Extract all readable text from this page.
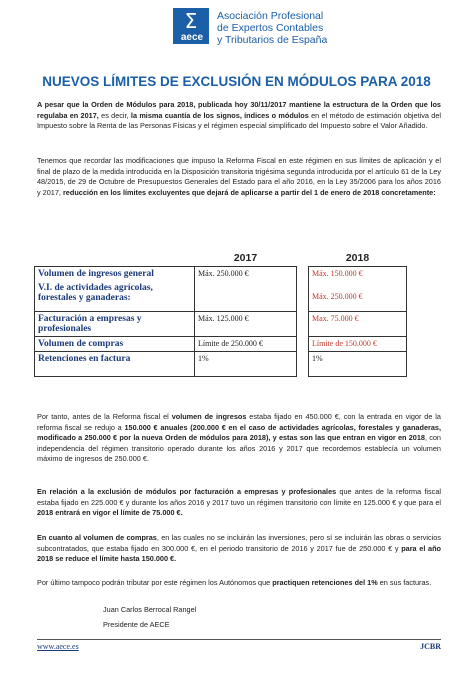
Σ
aece
Asociación Profesional
de Expertos Contables
y Tributarios de España
NUEVOS LÍMITES DE EXCLUSIÓN EN MÓDULOS PARA 2018
A pesar que la Orden de Módulos para 2018, publicada hoy 30/11/2017 mantiene la estructura de la Orden que los regulaba en 2017, es decir, la misma cuantía de los signos, índices o módulos en el método de estimación objetiva del Impuesto sobre la Renta de las Personas Físicas y el régimen especial simplificado del Impuesto sobre el Valor Añadido.
Tenemos que recordar las modificaciones que impuso la Reforma Fiscal en este régimen en sus límites de aplicación y el final de plazo de la medida introducida en la Disposición transitoria trigésima segunda introducida por el artículo 61 de la Ley 48/2015, de 29 de Octubre de Presupuestos Generales del Estado para el año 2016, en la Ley 35/2006 para los años 2016 y 2017, reducción en los límites excluyentes que dejará de aplicarse a partir del 1 de enero de 2018 concretamente:
	2017		2018
Volumen de ingresos general	Máx. 250.000 €		Máx. 150.000 €
V.I. de actividades agrícolas, forestales y ganaderas:			Máx. 250.000 €
Facturación a empresas y profesionales	Máx. 125.000 €		Max. 75.000 €
Volumen de compras	Límite de 250.000 €		Límite de 150.000 €
Retenciones en factura	1%		1%
Por tanto, antes de la Reforma fiscal el volumen de ingresos estaba fijado en 450.000 €, con la entrada en vigor de la reforma fiscal se redujo a 150.000 € anuales (200.000 € en el caso de actividades agrícolas, forestales y ganaderas, modificado a 250.000 € por la nueva Orden de módulos para 2018), y estas son las que entran en vigor en 2018, con independencia del régimen transitorio operado durante los años 2016 y 2017 que recordemos establecía un volumen máximo de ingresos de 250.000 €.
En relación a la exclusión de módulos por facturación a empresas y profesionales que antes de la reforma fiscal estaba fijado en 225.000 € y durante los años 2016 y 2017 tuvo un régimen transitorio con límite en 125.000 € y que para el 2018 entrará en vigor el límite de 75.000 €.
En cuanto al volumen de compras, en las cuales no se incluirán las inversiones, pero sí se incluirán las obras o servicios subcontratados, que estaba fijado en 300.000 €, en el periodo transitorio de 2016 y 2017 fue de 250.000 € y para el año 2018 se reduce el límite hasta 150.000 €.
Por último tampoco podrán tributar por este régimen los Autónomos que practiquen retenciones del 1% en sus facturas.
Juan Carlos Berrocal Rangel
Presidente de AECE
www.aece.es	JCBR
